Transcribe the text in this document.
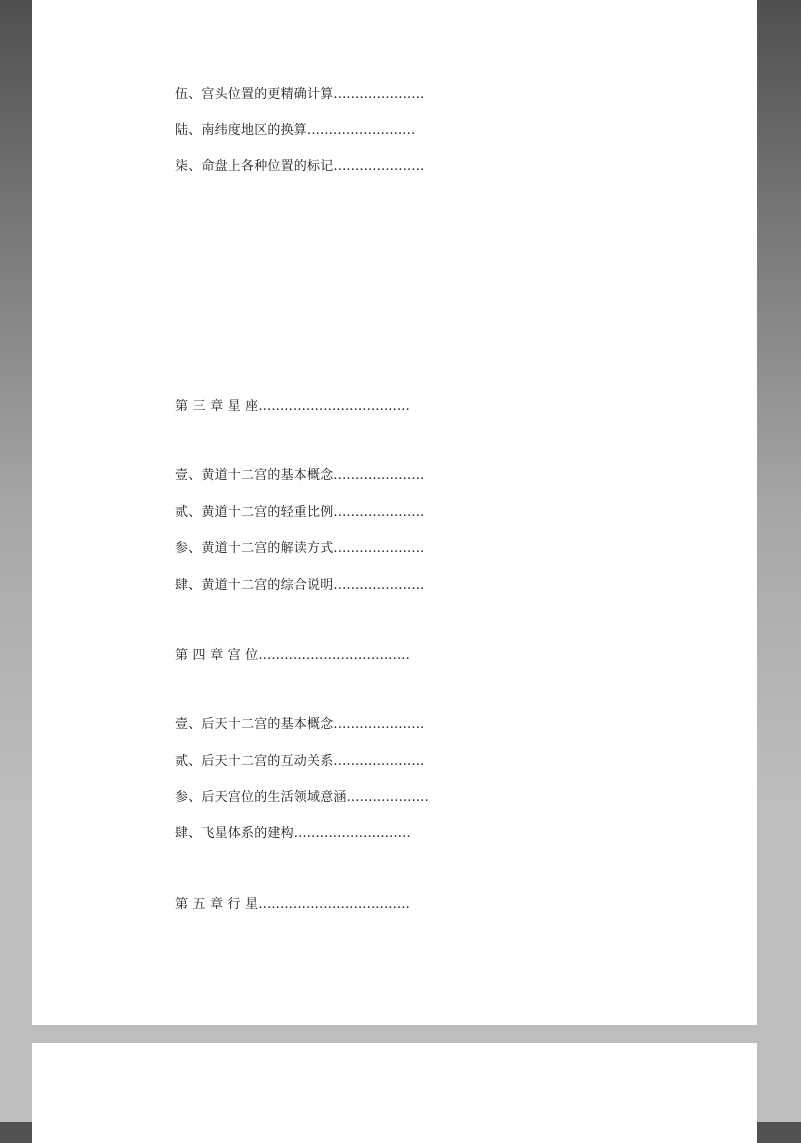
伍、宫头位置的更精确计算.....................
陆、南纬度地区的换算.........................
柒、命盘上各种位置的标记.....................
第 三 章 星 座...................................
壹、黄道十二宫的基本概念.....................
贰、黄道十二宫的轻重比例.....................
参、黄道十二宫的解读方式.....................
肆、黄道十二宫的综合说明.....................
第 四 章 宫 位...................................
壹、后天十二宫的基本概念.....................
贰、后天十二宫的互动关系.....................
参、后天宫位的生活领域意涵...................
肆、飞星体系的建构...........................
第 五 章 行 星...................................
